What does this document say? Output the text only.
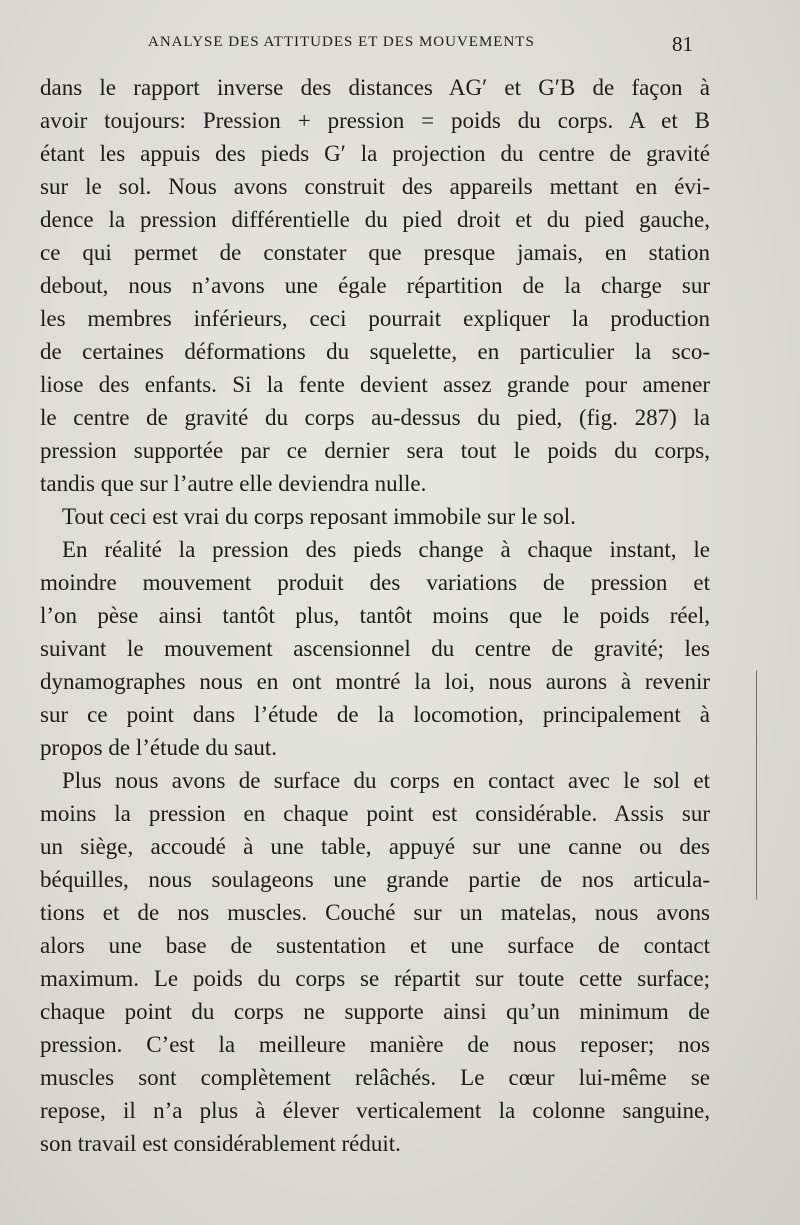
ANALYSE DES ATTITUDES ET DES MOUVEMENTS	81
dans le rapport inverse des distances AG′ et G′B de façon à
avoir toujours: Pression + pression = poids du corps. A et B
étant les appuis des pieds G′ la projection du centre de gravité
sur le sol. Nous avons construit des appareils mettant en évi-
dence la pression différentielle du pied droit et du pied gauche,
ce qui permet de constater que presque jamais, en station
debout, nous n’avons une égale répartition de la charge sur
les membres inférieurs, ceci pourrait expliquer la production
de certaines déformations du squelette, en particulier la sco-
liose des enfants. Si la fente devient assez grande pour amener
le centre de gravité du corps au-dessus du pied, (fig. 287) la
pression supportée par ce dernier sera tout le poids du corps,
tandis que sur l’autre elle deviendra nulle.
Tout ceci est vrai du corps reposant immobile sur le sol.
En réalité la pression des pieds change à chaque instant, le
moindre mouvement produit des variations de pression et
l’on pèse ainsi tantôt plus, tantôt moins que le poids réel,
suivant le mouvement ascensionnel du centre de gravité; les
dynamographes nous en ont montré la loi, nous aurons à revenir
sur ce point dans l’étude de la locomotion, principalement à
propos de l’étude du saut.
Plus nous avons de surface du corps en contact avec le sol et
moins la pression en chaque point est considérable. Assis sur
un siège, accoudé à une table, appuyé sur une canne ou des
béquilles, nous soulageons une grande partie de nos articula-
tions et de nos muscles. Couché sur un matelas, nous avons
alors une base de sustentation et une surface de contact
maximum. Le poids du corps se répartit sur toute cette surface;
chaque point du corps ne supporte ainsi qu’un minimum de
pression. C’est la meilleure manière de nous reposer; nos
muscles sont complètement relâchés. Le cœur lui-même se
repose, il n’a plus à élever verticalement la colonne sanguine,
son travail est considérablement réduit.
